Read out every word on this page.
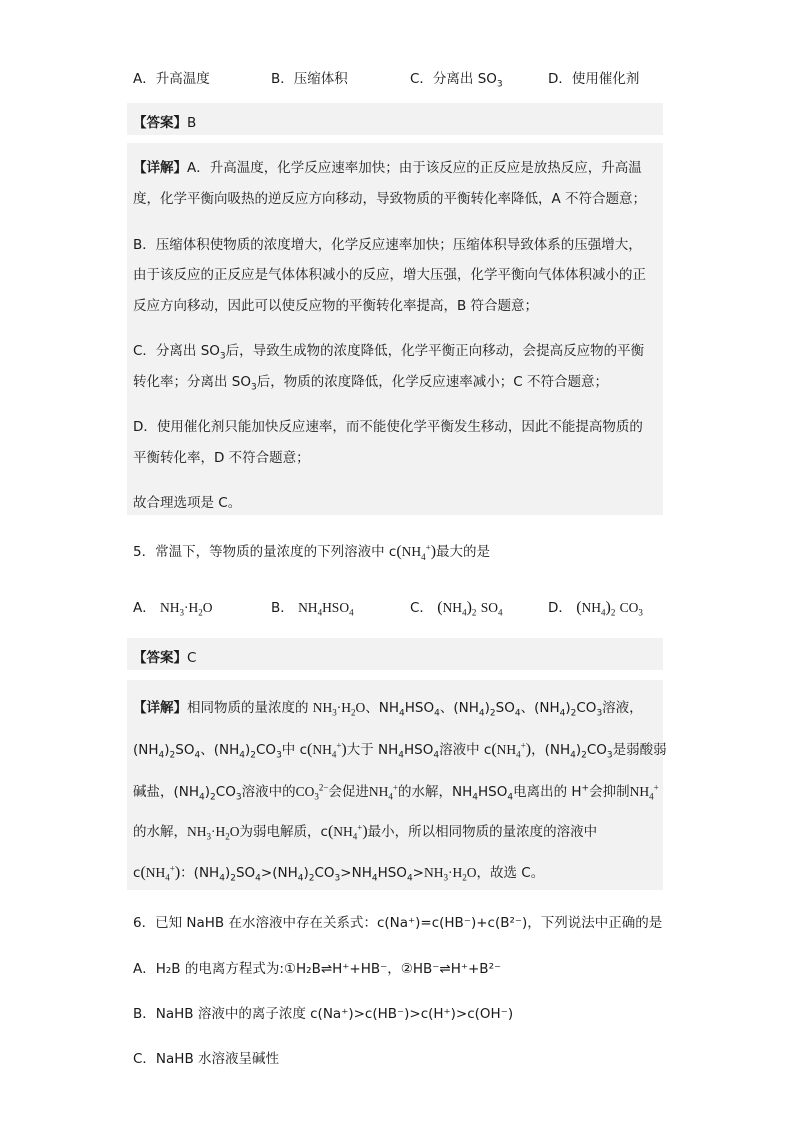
A．升高温度	B．压缩体积	C．分离出 $SO_3$	D．使用催化剂
【答案】B
【详解】A．升高温度，化学反应速率加快；由于该反应的正反应是放热反应，升高温
度，化学平衡向吸热的逆反应方向移动，导致物质的平衡转化率降低，A 不符合题意；
B．压缩体积使物质的浓度增大，化学反应速率加快；压缩体积导致体系的压强增大，
由于该反应的正反应是气体体积减小的反应，增大压强，化学平衡向气体体积减小的正
反应方向移动，因此可以使反应物的平衡转化率提高，B 符合题意；
C．分离出 $SO_3$后，导致生成物的浓度降低，化学平衡正向移动，会提高反应物的平衡
转化率；分离出 $SO_3$后，物质的浓度降低，化学反应速率减小；C 不符合题意；
D．使用催化剂只能加快反应速率，而不能使化学平衡发生移动，因此不能提高物质的
平衡转化率，D 不符合题意；
故合理选项是 C。
5．常温下，等物质的量浓度的下列溶液中 $c(NH_4^+)$最大的是
A． $NH_3\cdot H_2O$	B． $NH_4HSO_4$	C． $(NH_4)_2$ $SO_4$	D． $(NH_4)_2$ $CO_3$
【答案】C
【详解】相同物质的量浓度的 $NH_3\cdot H_2O$、$NH_4HSO_4$、$(NH_4)_2SO_4$、$(NH_4)_2CO_3$溶液，
$(NH_4)_2SO_4$、$(NH_4)_2CO_3$中 $c(NH_4^+)$大于 $NH_4HSO_4$溶液中 $c(NH_4^+)$，$(NH_4)_2CO_3$是弱酸弱
碱盐，$(NH_4)_2CO_3$溶液中的$CO_3^{2-}$会促进$NH_4^+$的水解，$NH_4HSO_4$电离出的 H+会抑制$NH_4^+$
的水解，$NH_3\cdot H_2O$为弱电解质，$c(NH_4^+)$最小，所以相同物质的量浓度的溶液中
$c(NH_4^+)$：$(NH_4)_2SO_4>(NH_4)_2CO_3>NH_4HSO_4>NH_3\cdot H_2O$，故选 C。
6．已知 NaHB 在水溶液中存在关系式：c(Na⁺)=c(HB⁻)+c(B²⁻)，下列说法中正确的是
A．H₂B 的电离方程式为:①H₂B⇌H⁺+HB⁻，②HB⁻⇌H⁺+B²⁻
B．NaHB 溶液中的离子浓度 c(Na⁺)>c(HB⁻)>c(H⁺)>c(OH⁻)
C．NaHB 水溶液呈碱性
